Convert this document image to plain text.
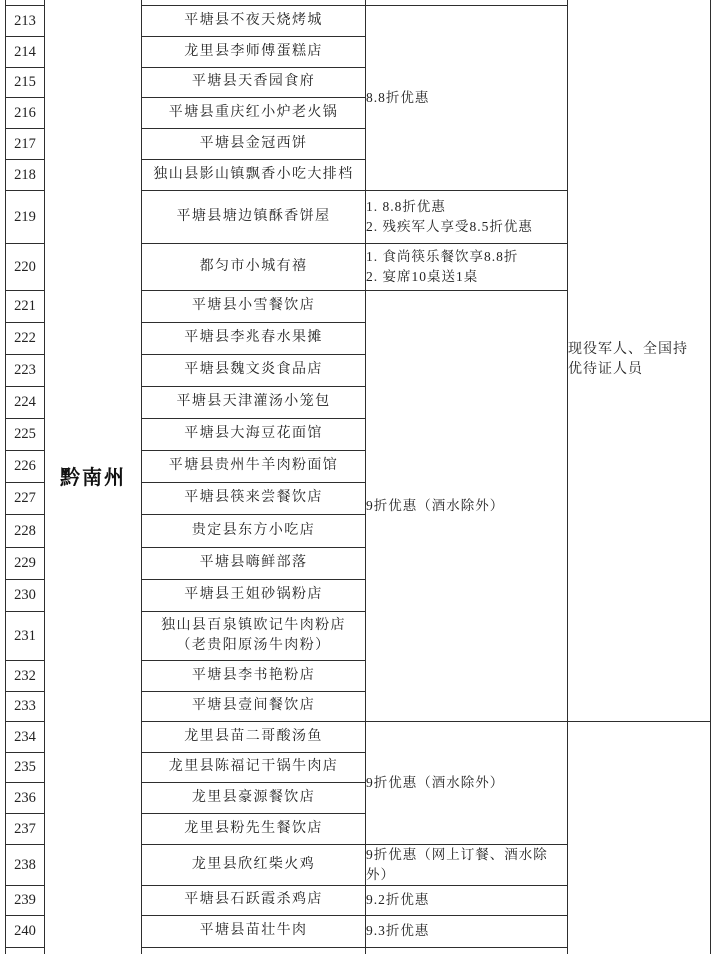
	黔南州			现役军人、全国持
优待证人员

213		平塘县不夜天烧烤城	8.8折优惠	

214		龙里县李师傅蛋糕店		

215		平塘县天香园食府		

216		平塘县重庆红小炉老火锅		

217		平塘县金冠西饼		

218		独山县影山镇飘香小吃大排档		

219		平塘县塘边镇酥香饼屋	1. 8.8折优惠
2. 残疾军人享受8.5折优惠	

220		都匀市小城有禧	1. 食尚筷乐餐饮享8.8折
2. 宴席10桌送1桌	

221		平塘县小雪餐饮店	9折优惠（酒水除外）	

222		平塘县李兆春水果摊		

223		平塘县魏文炎食品店		

224		平塘县天津灌汤小笼包		

225		平塘县大海豆花面馆		

226		平塘县贵州牛羊肉粉面馆		

227		平塘县筷来尝餐饮店		

228		贵定县东方小吃店		

229		平塘县嗨鲜部落		

230		平塘县王姐砂锅粉店		

231		独山县百泉镇欧记牛肉粉店
（老贵阳原汤牛肉粉）		

232		平塘县李书艳粉店		

233		平塘县壹间餐饮店		

234		龙里县苗二哥酸汤鱼	9折优惠（酒水除外）	

235		龙里县陈福记干锅牛肉店		

236		龙里县豪源餐饮店		

237		龙里县粉先生餐饮店		

238		龙里县欣红柴火鸡	9折优惠（网上订餐、酒水除
外）	

239		平塘县石跃霞杀鸡店	9.2折优惠	

240		平塘县苗壮牛肉	9.3折优惠	
